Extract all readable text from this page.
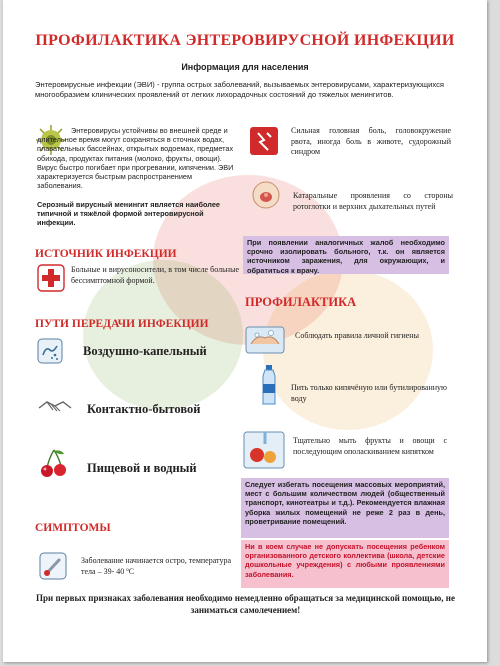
ПРОФИЛАКТИКА ЭНТЕРОВИРУСНОЙ ИНФЕКЦИИ
Информация для населения
Энтеровирусные инфекции (ЭВИ) - группа острых заболеваний, вызываемых энтеровирусами, характеризующихся многообразием клинических проявлений от легких лихорадочных состояний до тяжелых менингитов.
Энтеровирусы устойчивы во внешней среде и длительное время могут сохраняться в сточных водах, плавательных бассейнах, открытых водоемах, предметах обихода, продуктах питания (молоко, фрукты, овощи). Вирус быстро погибает при прогревании, кипячении. ЭВИ характеризуется быстрым распространением заболевания.
Серозный вирусный менингит является наиболее типичной и тяжёлой формой энтеровирусной инфекции.
ИСТОЧНИК ИНФЕКЦИИ
Больные и вирусоносители, в том числе больные бессимптомной формой.
ПУТИ ПЕРЕДАЧИ ИНФЕКЦИИ
Воздушно-капельный
Контактно-бытовой
Пищевой и водный
СИМПТОМЫ
Заболевание начинается остро, температура тела – 39- 40 ºС
Сильная головная боль, головокружение рвота, иногда боль в животе, судорожный синдром
Катаральные проявления со стороны ротоглотки и верхних дыхательных путей
При появлении аналогичных жалоб необходимо срочно изолировать больного, т.к. он является источником заражения, для окружающих, и обратиться к врачу.
ПРОФИЛАКТИКА
Соблюдать правила личной гигиены
Пить только кипячёную или бутилированную воду
Тщательно мыть фрукты и овощи с последующим ополаскиванием кипятком
Следует избегать посещения массовых мероприятий, мест с большим количеством людей (общественный транспорт, кинотеатры и т.д.). Рекомендуется влажная уборка жилых помещений не реже 2 раз в день, проветривание помещений.
Ни в коем случае не допускать посещения ребенком организованного детского коллектива (школа, детские дошкольные учреждения) с любыми проявлениями заболевания.
При первых признаках заболевания необходимо немедленно обращаться за медицинской помощью, не заниматься самолечением!
